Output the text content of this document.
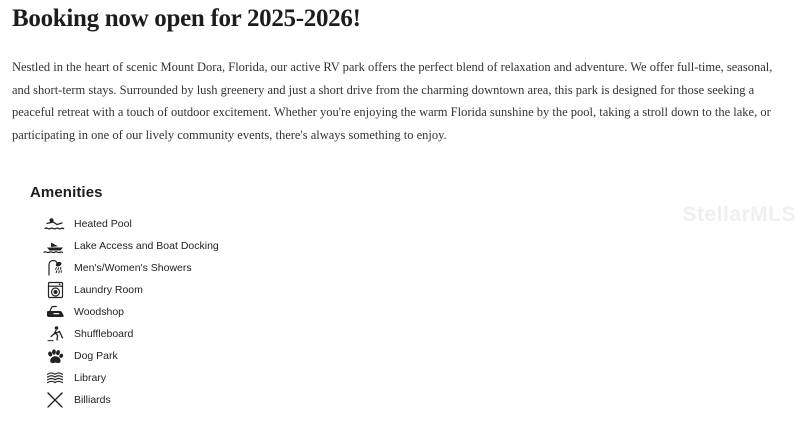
Booking now open for 2025-2026!

Nestled in the heart of scenic Mount Dora, Florida, our active RV park offers the perfect blend of relaxation and adventure. We offer full-time, seasonal, and short-term stays. Surrounded by lush greenery and just a short drive from the charming downtown area, this park is designed for those seeking a peaceful retreat with a touch of outdoor excitement. Whether you're enjoying the warm Florida sunshine by the pool, taking a stroll down to the lake, or participating in one of our lively community events, there's always something to enjoy.

Amenities
Heated Pool
Lake Access and Boat Docking
Men's/Women's Showers
Laundry Room
Woodshop
Shuffleboard
Dog Park
Library
Billiards
StellarMLS
